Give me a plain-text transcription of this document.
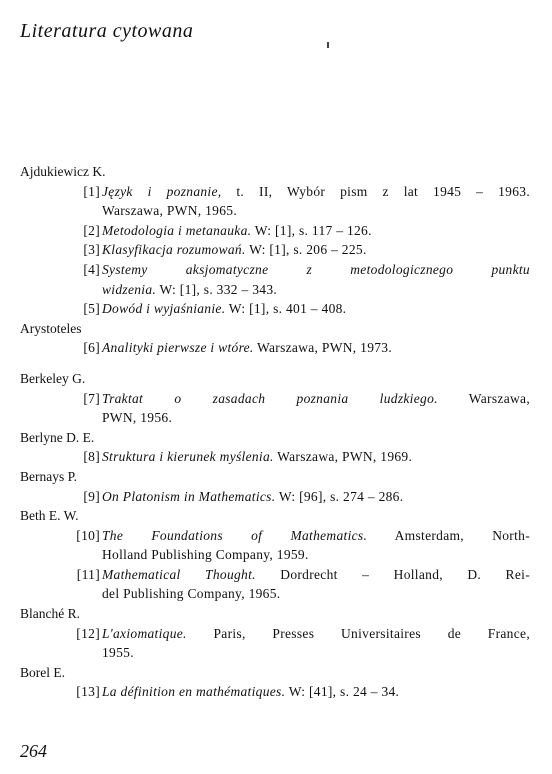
Literatura cytowana
Ajdukiewicz K.
[1] Język i poznanie, t. II, Wybór pism z lat 1945 – 1963.
Warszawa, PWN, 1965.
[2] Metodologia i metanauka. W: [1], s. 117 – 126.
[3] Klasyfikacja rozumowań. W: [1], s. 206 – 225.
[4] Systemy aksjomatyczne z metodologicznego punktu
widzenia. W: [1], s. 332 – 343.
[5] Dowód i wyjaśnianie. W: [1], s. 401 – 408.
Arystoteles
[6] Analityki pierwsze i wtóre. Warszawa, PWN, 1973.
Berkeley G.
[7] Traktat o zasadach poznania ludzkiego. Warszawa,
PWN, 1956.
Berlyne D. E.
[8] Struktura i kierunek myślenia. Warszawa, PWN, 1969.
Bernays P.
[9] On Platonism in Mathematics. W: [96], s. 274 – 286.
Beth E. W.
[10] The Foundations of Mathematics. Amsterdam, North-
Holland Publishing Company, 1959.
[11] Mathematical Thought. Dordrecht – Holland, D. Rei-
del Publishing Company, 1965.
Blanché R.
[12] L'axiomatique. Paris, Presses Universitaires de France,
1955.
Borel E.
[13] La définition en mathématiques. W: [41], s. 24 – 34.
264
